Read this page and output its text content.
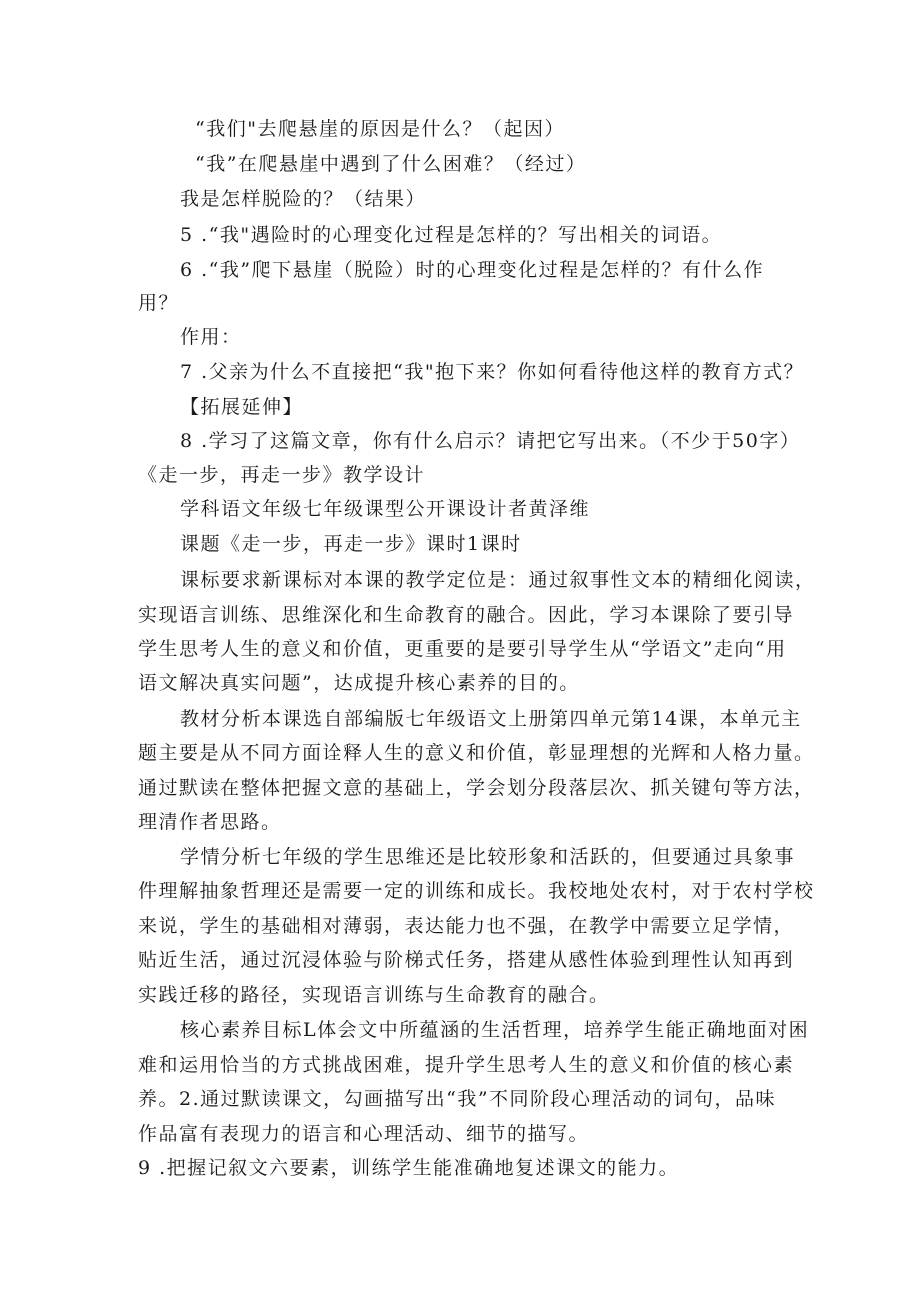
“我们"去爬悬崖的原因是什么？（起因）
“我”在爬悬崖中遇到了什么困难？（经过）
我是怎样脱险的？（结果）
5 .“我"遇险时的心理变化过程是怎样的？写出相关的词语。
6 .“我”爬下悬崖（脱险）时的心理变化过程是怎样的？有什么作
用？
作用：
7 .父亲为什么不直接把“我"抱下来？你如何看待他这样的教育方式？
【拓展延伸】
8 .学习了这篇文章，你有什么启示？请把它写出来。（不少于50字）
《走一步，再走一步》教学设计
学科语文年级七年级课型公开课设计者黄泽维
课题《走一步，再走一步》课时1课时
课标要求新课标对本课的教学定位是：通过叙事性文本的精细化阅读，
实现语言训练、思维深化和生命教育的融合。因此，学习本课除了要引导
学生思考人生的意义和价值，更重要的是要引导学生从“学语文”走向“用
语文解决真实问题”，达成提升核心素养的目的。
教材分析本课选自部编版七年级语文上册第四单元第14课，本单元主
题主要是从不同方面诠释人生的意义和价值，彰显理想的光辉和人格力量。
通过默读在整体把握文意的基础上，学会划分段落层次、抓关键句等方法，
理清作者思路。
学情分析七年级的学生思维还是比较形象和活跃的，但要通过具象事
件理解抽象哲理还是需要一定的训练和成长。我校地处农村，对于农村学校
来说，学生的基础相对薄弱，表达能力也不强，在教学中需要立足学情，
贴近生活，通过沉浸体验与阶梯式任务，搭建从感性体验到理性认知再到
实践迁移的路径，实现语言训练与生命教育的融合。
核心素养目标L体会文中所蕴涵的生活哲理，培养学生能正确地面对困
难和运用恰当的方式挑战困难，提升学生思考人生的意义和价值的核心素
养。2.通过默读课文，勾画描写出“我”不同阶段心理活动的词句，品味
作品富有表现力的语言和心理活动、细节的描写。
9 .把握记叙文六要素，训练学生能准确地复述课文的能力。
